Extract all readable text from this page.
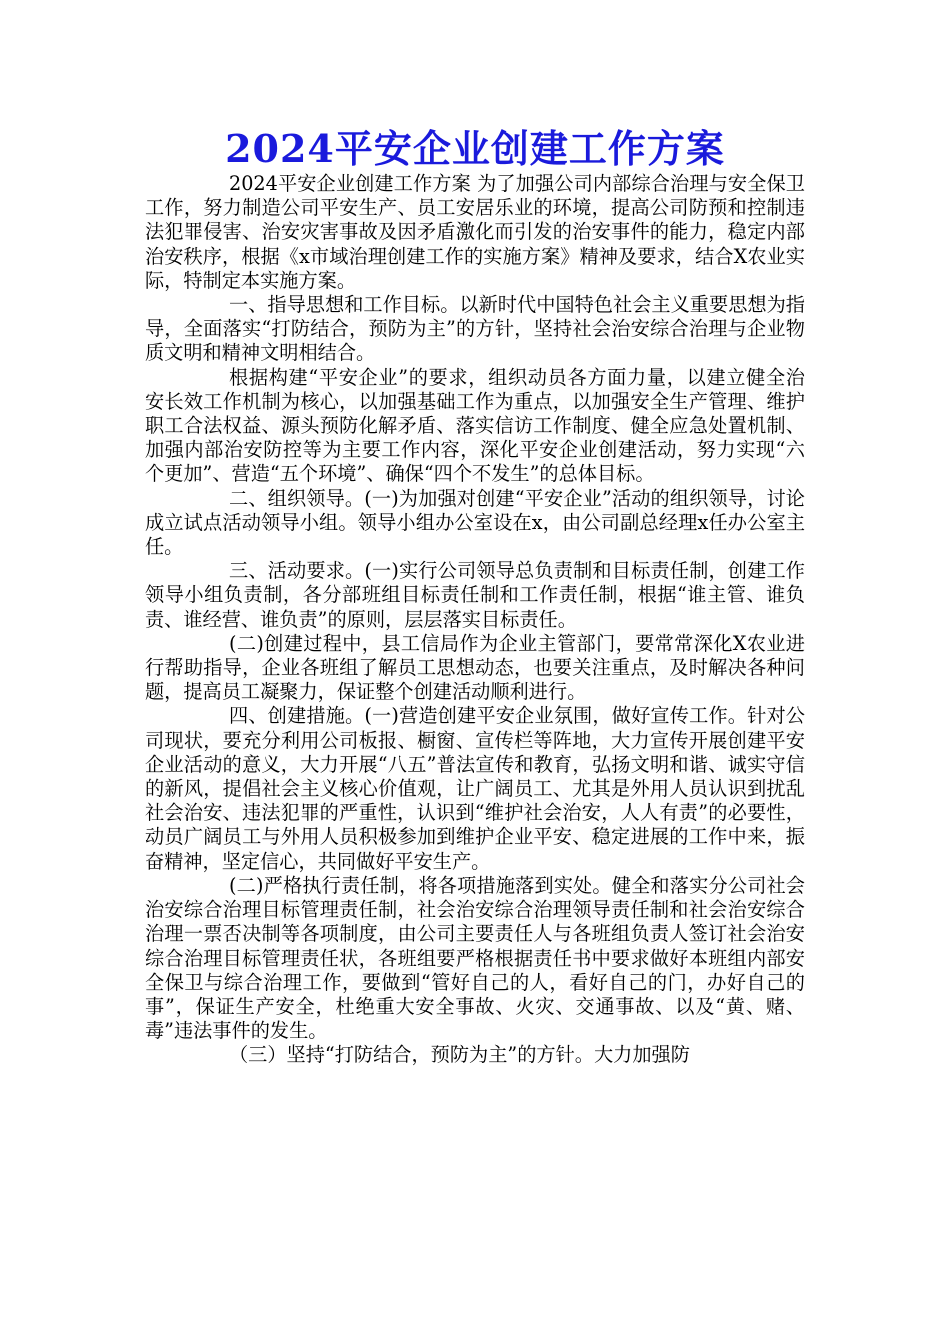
2024平安企业创建工作方案

2024平安企业创建工作方案 为了加强公司内部综合治理与安全保卫工作，努力制造公司平安生产、员工安居乐业的环境，提高公司防预和控制违法犯罪侵害、治安灾害事故及因矛盾激化而引发的治安事件的能力，稳定内部治安秩序，根据《x市域治理创建工作的实施方案》精神及要求，结合X农业实际，特制定本实施方案。

一、指导思想和工作目标。以新时代中国特色社会主义重要思想为指导，全面落实“打防结合，预防为主”的方针，坚持社会治安综合治理与企业物质文明和精神文明相结合。

根据构建“平安企业”的要求，组织动员各方面力量，以建立健全治安长效工作机制为核心，以加强基础工作为重点，以加强安全生产管理、维护职工合法权益、源头预防化解矛盾、落实信访工作制度、健全应急处置机制、加强内部治安防控等为主要工作内容，深化平安企业创建活动，努力实现“六个更加”、营造“五个环境”、确保“四个不发生”的总体目标。

二、组织领导。(一)为加强对创建“平安企业”活动的组织领导，讨论成立试点活动领导小组。领导小组办公室设在x，由公司副总经理x任办公室主任。

三、活动要求。(一)实行公司领导总负责制和目标责任制，创建工作领导小组负责制，各分部班组目标责任制和工作责任制，根据“谁主管、谁负责、谁经营、谁负责”的原则，层层落实目标责任。

(二)创建过程中，县工信局作为企业主管部门，要常常深化X农业进行帮助指导，企业各班组了解员工思想动态，也要关注重点，及时解决各种问题，提高员工凝聚力，保证整个创建活动顺利进行。

四、创建措施。(一)营造创建平安企业氛围，做好宣传工作。针对公司现状，要充分利用公司板报、橱窗、宣传栏等阵地，大力宣传开展创建平安企业活动的意义，大力开展“八五”普法宣传和教育，弘扬文明和谐、诚实守信的新风，提倡社会主义核心价值观，让广阔员工、尤其是外用人员认识到扰乱社会治安、违法犯罪的严重性，认识到“维护社会治安，人人有责”的必要性，动员广阔员工与外用人员积极参加到维护企业平安、稳定进展的工作中来，振奋精神，坚定信心，共同做好平安生产。

(二)严格执行责任制，将各项措施落到实处。健全和落实分公司社会治安综合治理目标管理责任制，社会治安综合治理领导责任制和社会治安综合治理一票否决制等各项制度，由公司主要责任人与各班组负责人签订社会治安综合治理目标管理责任状，各班组要严格根据责任书中要求做好本班组内部安全保卫与综合治理工作，要做到“管好自己的人，看好自己的门，办好自己的事”，保证生产安全，杜绝重大安全事故、火灾、交通事故、以及“黄、赌、毒”违法事件的发生。

（三）坚持“打防结合，预防为主”的方针。大力加强防
